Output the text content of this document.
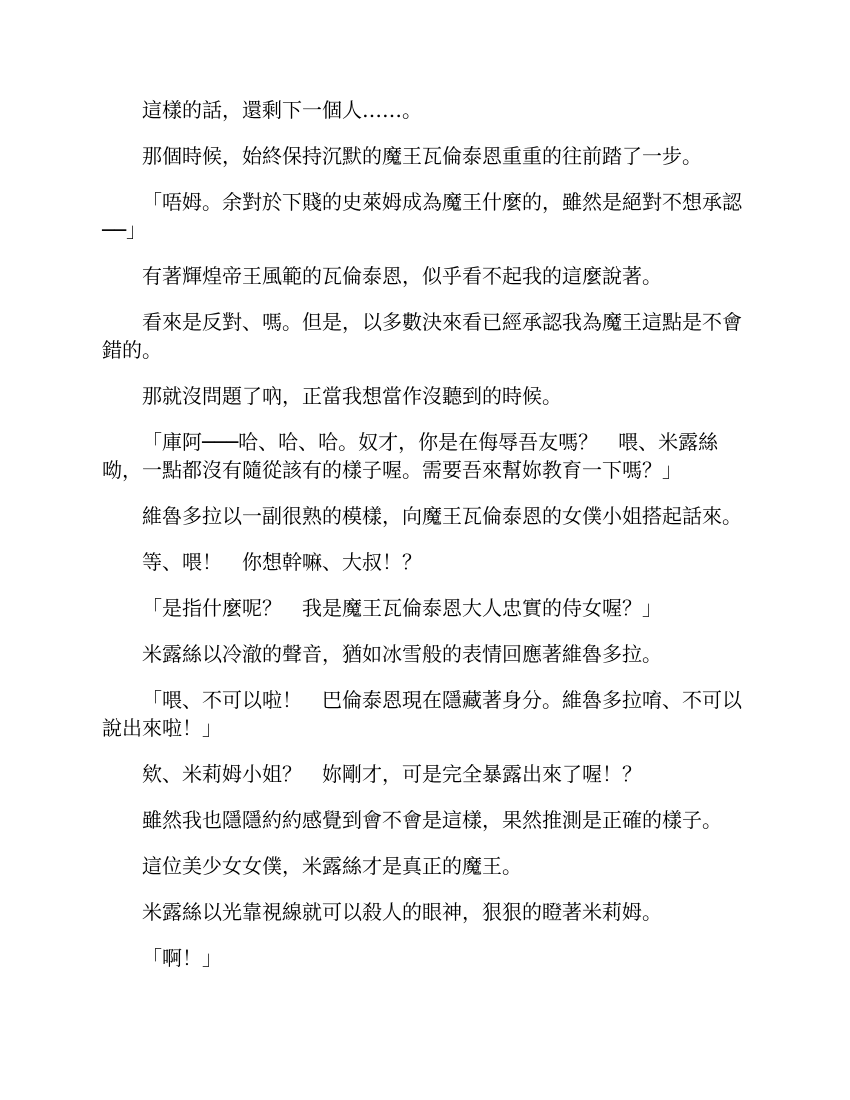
這樣的話，還剩下一個人……。

那個時候，始終保持沉默的魔王瓦倫泰恩重重的往前踏了一步。

「唔姆。余對於下賤的史萊姆成為魔王什麼的，雖然是絕對不想承認──」

有著輝煌帝王風範的瓦倫泰恩，似乎看不起我的這麼說著。

看來是反對、嗎。但是，以多數決來看已經承認我為魔王這點是不會錯的。

那就沒問題了吶，正當我想當作沒聽到的時候。

「庫阿───哈、哈、哈。奴才，你是在侮辱吾友嗎？　喂、米露絲呦，一點都沒有隨從該有的樣子喔。需要吾來幫妳教育一下嗎？」

維魯多拉以一副很熟的模樣，向魔王瓦倫泰恩的女僕小姐搭起話來。

等、喂！　你想幹嘛、大叔！？

「是指什麼呢？　我是魔王瓦倫泰恩大人忠實的侍女喔？」

米露絲以冷澈的聲音，猶如冰雪般的表情回應著維魯多拉。

「喂、不可以啦！　巴倫泰恩現在隱藏著身分。維魯多拉唷、不可以說出來啦！」

欸、米莉姆小姐？　妳剛才，可是完全暴露出來了喔！？

雖然我也隱隱約約感覺到會不會是這樣，果然推測是正確的樣子。

這位美少女女僕，米露絲才是真正的魔王。

米露絲以光靠視線就可以殺人的眼神，狠狠的瞪著米莉姆。

「啊！」
